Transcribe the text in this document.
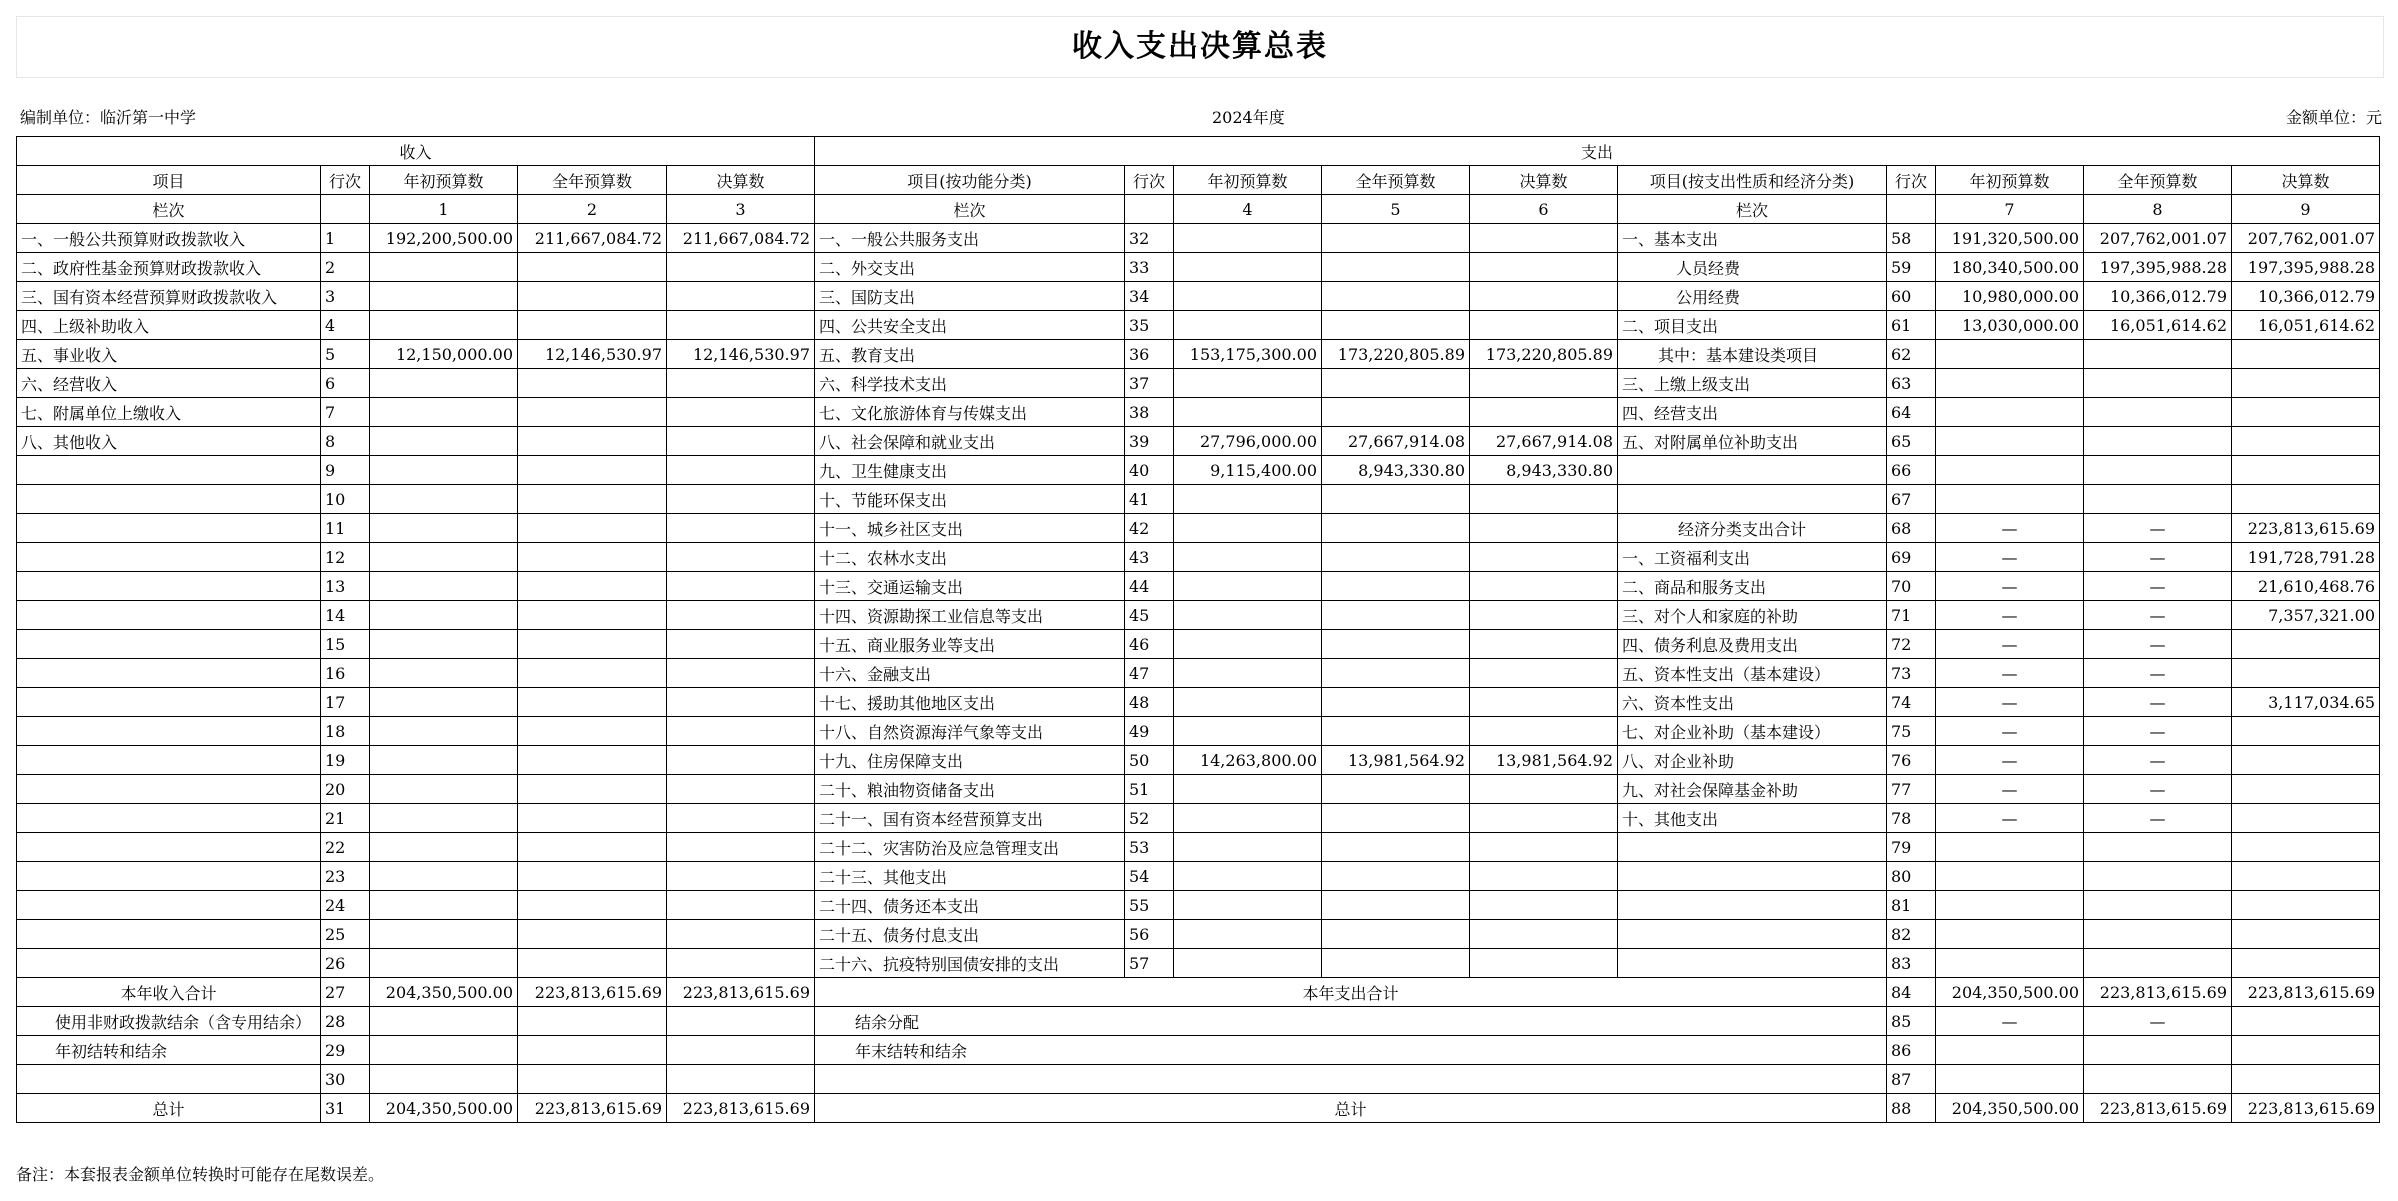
收入支出决算总表
编制单位：临沂第一中学	2024年度	金额单位：元
收入					支出									
项目	行次	年初预算数	全年预算数	决算数	项目(按功能分类)	行次	年初预算数	全年预算数	决算数	项目(按支出性质和经济分类)	行次	年初预算数	全年预算数	决算数
栏次		1	2	3	栏次		4	5	6	栏次		7	8	9
一、一般公共预算财政拨款收入	1	192,200,500.00	211,667,084.72	211,667,084.72	一、一般公共服务支出	32				一、基本支出	58	191,320,500.00	207,762,001.07	207,762,001.07
二、政府性基金预算财政拨款收入	2				二、外交支出	33				人员经费	59	180,340,500.00	197,395,988.28	197,395,988.28
三、国有资本经营预算财政拨款收入	3				三、国防支出	34				公用经费	60	10,980,000.00	10,366,012.79	10,366,012.79
四、上级补助收入	4				四、公共安全支出	35				二、项目支出	61	13,030,000.00	16,051,614.62	16,051,614.62
五、事业收入	5	12,150,000.00	12,146,530.97	12,146,530.97	五、教育支出	36	153,175,300.00	173,220,805.89	173,220,805.89	其中：基本建设类项目	62			
六、经营收入	6				六、科学技术支出	37				三、上缴上级支出	63			
七、附属单位上缴收入	7				七、文化旅游体育与传媒支出	38				四、经营支出	64			
八、其他收入	8				八、社会保障和就业支出	39	27,796,000.00	27,667,914.08	27,667,914.08	五、对附属单位补助支出	65			
	9				九、卫生健康支出	40	9,115,400.00	8,943,330.80	8,943,330.80		66			
	10				十、节能环保支出	41					67			
	11				十一、城乡社区支出	42				经济分类支出合计	68	—	—	223,813,615.69
	12				十二、农林水支出	43				一、工资福利支出	69	—	—	191,728,791.28
	13				十三、交通运输支出	44				二、商品和服务支出	70	—	—	21,610,468.76
	14				十四、资源勘探工业信息等支出	45				三、对个人和家庭的补助	71	—	—	7,357,321.00
	15				十五、商业服务业等支出	46				四、债务利息及费用支出	72	—	—	
	16				十六、金融支出	47				五、资本性支出（基本建设）	73	—	—	
	17				十七、援助其他地区支出	48				六、资本性支出	74	—	—	3,117,034.65
	18				十八、自然资源海洋气象等支出	49				七、对企业补助（基本建设）	75	—	—	
	19				十九、住房保障支出	50	14,263,800.00	13,981,564.92	13,981,564.92	八、对企业补助	76	—	—	
	20				二十、粮油物资储备支出	51				九、对社会保障基金补助	77	—	—	
	21				二十一、国有资本经营预算支出	52				十、其他支出	78	—	—	
	22				二十二、灾害防治及应急管理支出	53					79			
	23				二十三、其他支出	54					80			
	24				二十四、债务还本支出	55					81			
	25				二十五、债务付息支出	56					82			
	26				二十六、抗疫特别国债安排的支出	57					83			
本年收入合计	27	204,350,500.00	223,813,615.69	223,813,615.69	本年支出合计						84	204,350,500.00	223,813,615.69	223,813,615.69
使用非财政拨款结余（含专用结余）	28				结余分配						85	—	—	
年初结转和结余	29				年末结转和结余						86			
	30										87			
总计	31	204,350,500.00	223,813,615.69	223,813,615.69	总计						88	204,350,500.00	223,813,615.69	223,813,615.69
备注：本套报表金额单位转换时可能存在尾数误差。
